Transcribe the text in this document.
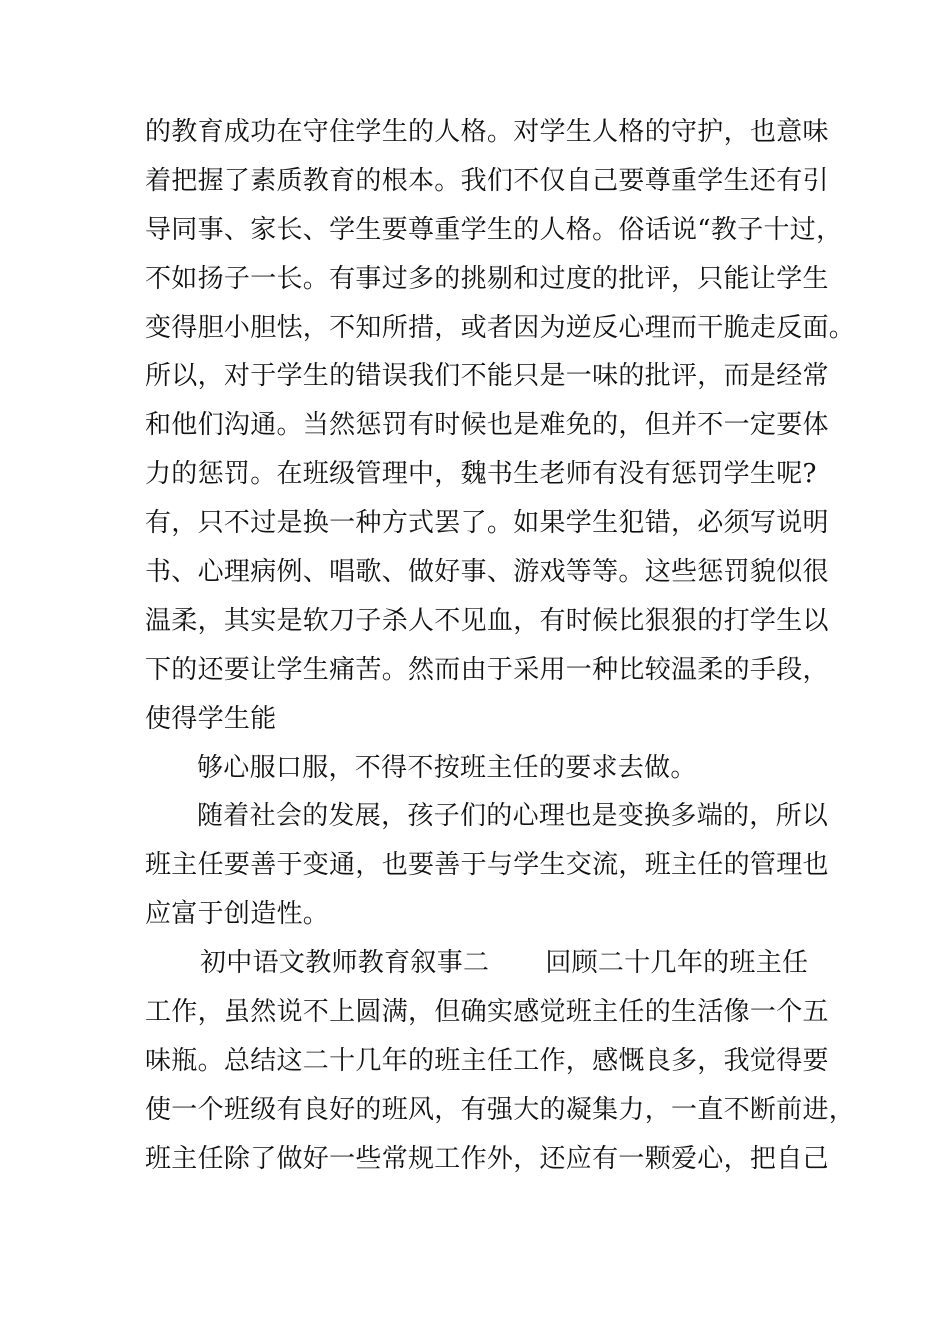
的教育成功在守住学生的人格。对学生人格的守护，也意味
着把握了素质教育的根本。我们不仅自己要尊重学生还有引
导同事、家长、学生要尊重学生的人格。俗话说“教子十过，
不如扬子一长。有事过多的挑剔和过度的批评，只能让学生
变得胆小胆怯，不知所措，或者因为逆反心理而干脆走反面。
所以，对于学生的错误我们不能只是一味的批评，而是经常
和他们沟通。当然惩罚有时候也是难免的，但并不一定要体
力的惩罚。在班级管理中，魏书生老师有没有惩罚学生呢?
有，只不过是换一种方式罢了。如果学生犯错，必须写说明
书、心理病例、唱歌、做好事、游戏等等。这些惩罚貌似很
温柔，其实是软刀子杀人不见血，有时候比狠狠的打学生以
下的还要让学生痛苦。然而由于采用一种比较温柔的手段，
使得学生能
够心服口服，不得不按班主任的要求去做。
随着社会的发展，孩子们的心理也是变换多端的，所以
班主任要善于变通，也要善于与学生交流，班主任的管理也
应富于创造性。
初中语文教师教育叙事二 回顾二十几年的班主任
工作，虽然说不上圆满，但确实感觉班主任的生活像一个五
味瓶。总结这二十几年的班主任工作，感慨良多，我觉得要
使一个班级有良好的班风，有强大的凝集力，一直不断前进，
班主任除了做好一些常规工作外，还应有一颗爱心，把自己
